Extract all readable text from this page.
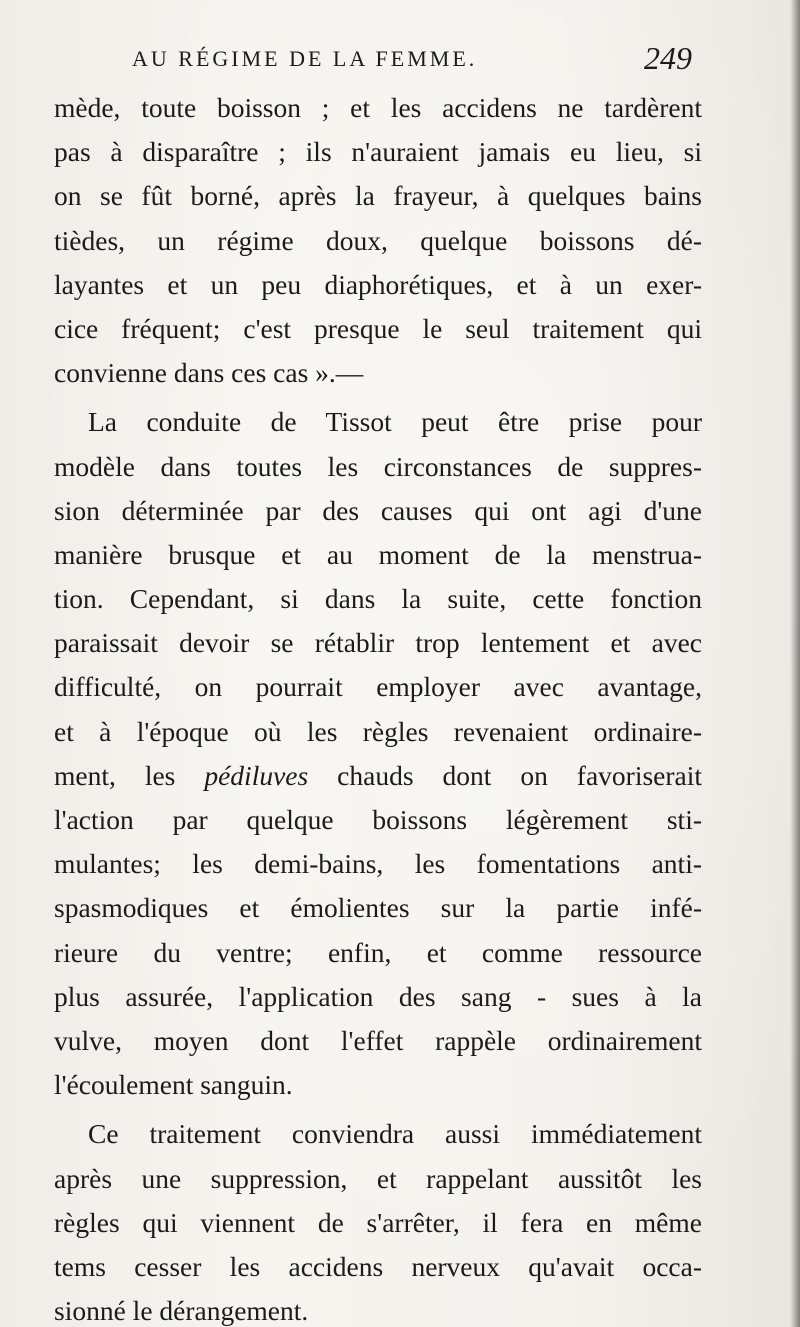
AU RÉGIME DE LA FEMME.	249
mède, toute boisson ; et les accidens ne tardèrent
pas à disparaître ; ils n'auraient jamais eu lieu, si
on se fût borné, après la frayeur, à quelques bains
tièdes, un régime doux, quelque boissons dé-
layantes et un peu diaphorétiques, et à un exer-
cice fréquent; c'est presque le seul traitement qui
convienne dans ces cas ».—
La conduite de Tissot peut être prise pour
modèle dans toutes les circonstances de suppres-
sion déterminée par des causes qui ont agi d'une
manière brusque et au moment de la menstrua-
tion. Cependant, si dans la suite, cette fonction
paraissait devoir se rétablir trop lentement et avec
difficulté, on pourrait employer avec avantage,
et à l'époque où les règles revenaient ordinaire-
ment, les pédiluves chauds dont on favoriserait
l'action par quelque boissons légèrement sti-
mulantes; les demi-bains, les fomentations anti-
spasmodiques et émolientes sur la partie infé-
rieure du ventre; enfin, et comme ressource
plus assurée, l'application des sang - sues à la
vulve, moyen dont l'effet rappèle ordinairement
l'écoulement sanguin.
Ce traitement conviendra aussi immédiatement
après une suppression, et rappelant aussitôt les
règles qui viennent de s'arrêter, il fera en même
tems cesser les accidens nerveux qu'avait occa-
sionné le dérangement.
